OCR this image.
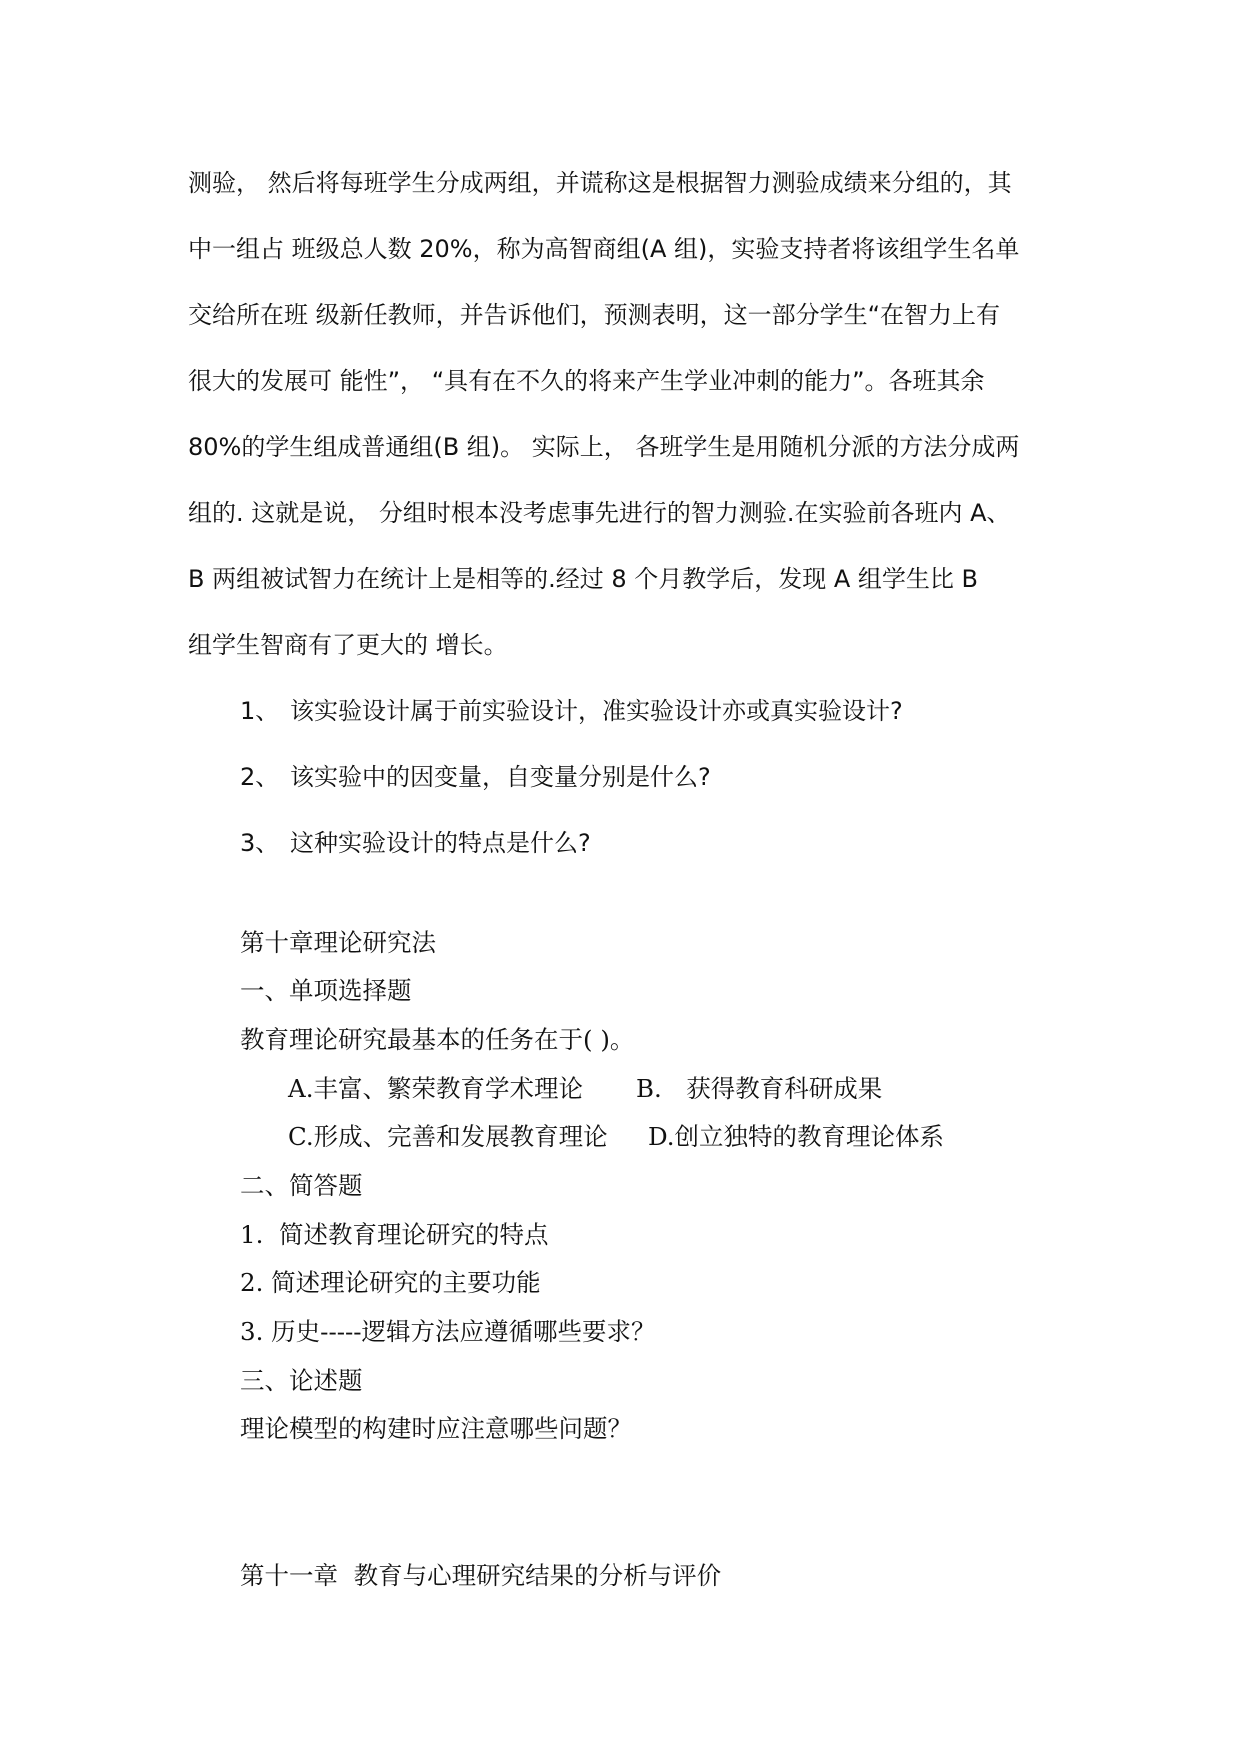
测验， 然后将每班学生分成两组，并谎称这是根据智力测验成绩来分组的，其
中一组占 班级总人数 20%，称为高智商组(A 组)，实验支持者将该组学生名单
交给所在班 级新任教师，并告诉他们，预测表明，这一部分学生“在智力上有
很大的发展可 能性”， “具有在不久的将来产生学业冲刺的能力”。各班其余
80%的学生组成普通组(B 组)。 实际上， 各班学生是用随机分派的方法分成两
组的. 这就是说， 分组时根本没考虑事先进行的智力测验.在实验前各班内 A、
B 两组被试智力在统计上是相等的.经过 8 个月教学后，发现 A 组学生比 B
组学生智商有了更大的 增长。
1、 该实验设计属于前实验设计，准实验设计亦或真实验设计?
2、 该实验中的因变量，自变量分别是什么?
3、 这种实验设计的特点是什么?
第十章理论研究法
一、单项选择题
教育理论研究最基本的任务在于( )。
A.丰富、繁荣教育学术理论 B.　获得教育科研成果
C.形成、完善和发展教育理论 D.创立独特的教育理论体系
二、简答题
1.  简述教育理论研究的特点
2. 简述理论研究的主要功能
3. 历史-----逻辑方法应遵循哪些要求？
三、论述题
理论模型的构建时应注意哪些问题？
第十一章  教育与心理研究结果的分析与评价
